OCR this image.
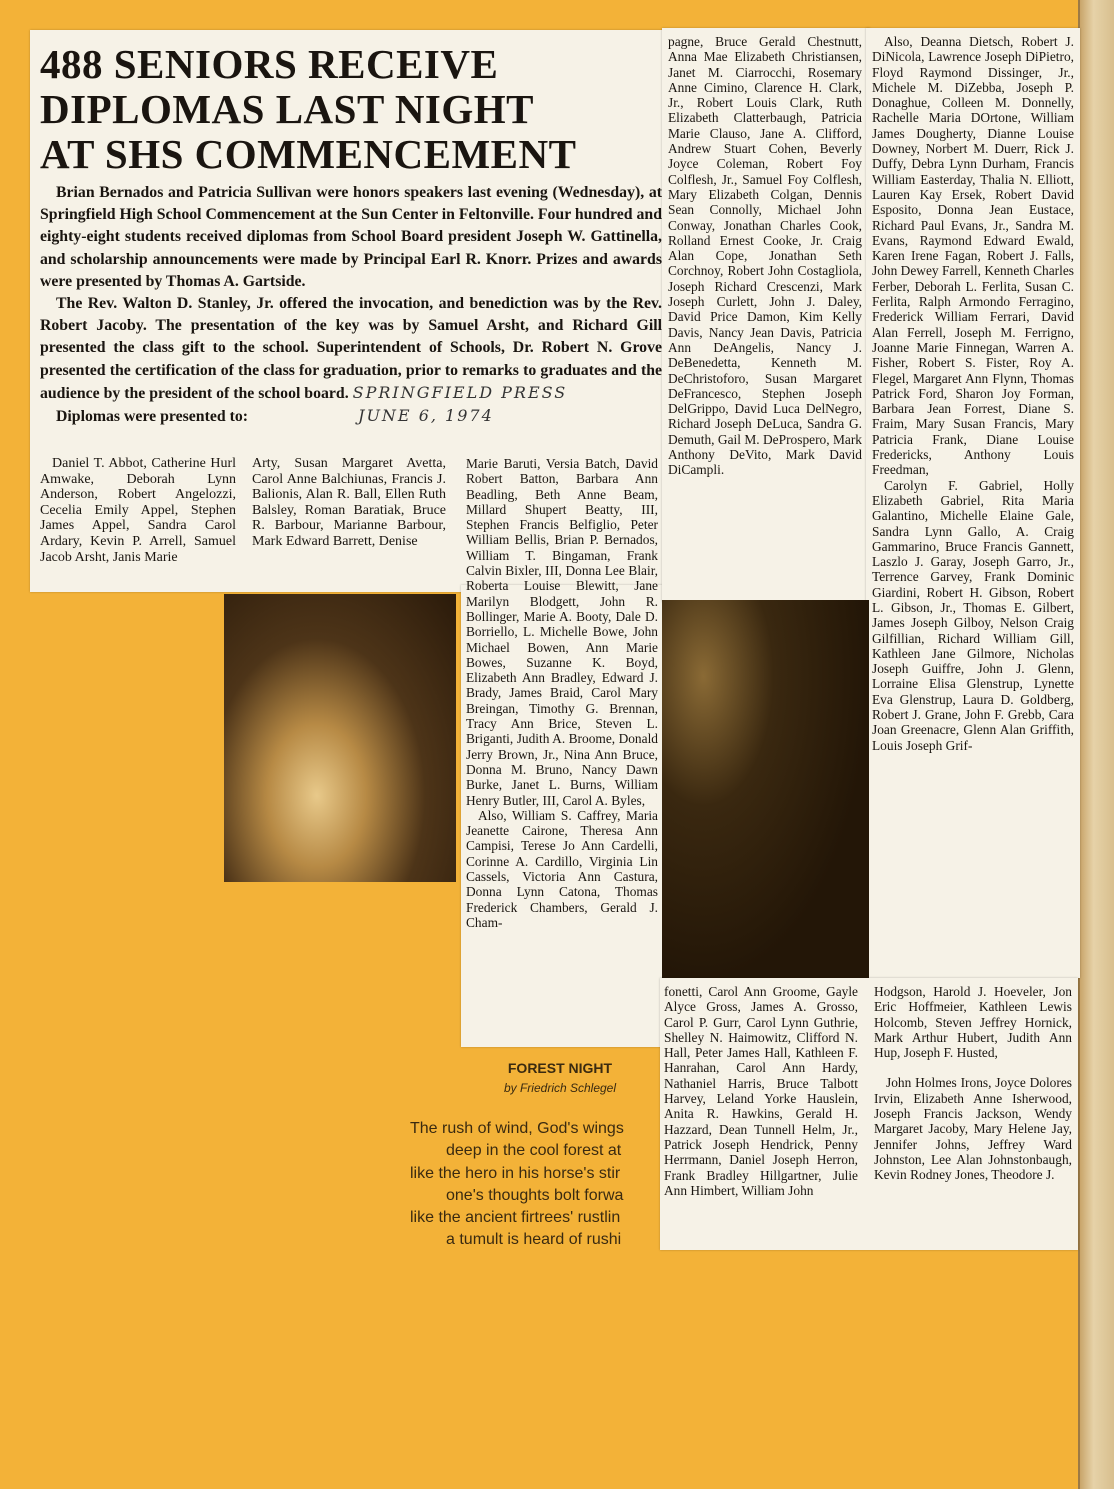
488 SENIORS RECEIVE
DIPLOMAS LAST NIGHT
AT SHS COMMENCEMENT

Brian Bernados and Patricia Sullivan were honors speakers last evening (Wednesday), at Springfield High School Commencement at the Sun Center in Feltonville. Four hundred and eighty-eight students received diplomas from School Board president Joseph W. Gattinella, and scholarship announcements were made by Principal Earl R. Knorr. Prizes and awards were presented by Thomas A. Gartside.

The Rev. Walton D. Stanley, Jr. offered the invocation, and benediction was by the Rev. Robert Jacoby. The presentation of the key was by Samuel Arsht, and Richard Gill presented the class gift to the school. Superintendent of Schools, Dr. Robert N. Grove presented the certification of the class for graduation, prior to remarks to graduates and the audience by the president of the school board. SPRINGFIELD PRESS

Diplomas were presented to:	JUNE 6, 1974

Daniel T. Abbot, Catherine Hurl Amwake, Deborah Lynn Anderson, Robert Angelozzi, Cecelia Emily Appel, Stephen James Appel, Sandra Carol Ardary, Kevin P. Arrell, Samuel Jacob Arsht, Janis Marie

Arty, Susan Margaret Avetta, Carol Anne Balchiunas, Francis J. Balionis, Alan R. Ball, Ellen Ruth Balsley, Roman Baratiak, Bruce R. Barbour, Marianne Barbour, Mark Edward Barrett, Denise

Marie Baruti, Versia Batch, David Robert Batton, Barbara Ann Beadling, Beth Anne Beam, Millard Shupert Beatty, III, Stephen Francis Belfiglio, Peter William Bellis, Brian P. Bernados, William T. Bingaman, Frank Calvin Bixler, III, Donna Lee Blair, Roberta Louise Blewitt, Jane Marilyn Blodgett, John R. Bollinger, Marie A. Booty, Dale D. Borriello, L. Michelle Bowe, John Michael Bowen, Ann Marie Bowes, Suzanne K. Boyd, Elizabeth Ann Bradley, Edward J. Brady, James Braid, Carol Mary Breingan, Timothy G. Brennan, Tracy Ann Brice, Steven L. Briganti, Judith A. Broome, Donald Jerry Brown, Jr., Nina Ann Bruce, Donna M. Bruno, Nancy Dawn Burke, Janet L. Burns, William Henry Butler, III, Carol A. Byles,

Also, William S. Caffrey, Maria Jeanette Cairone, Theresa Ann Campisi, Terese Jo Ann Cardelli, Corinne A. Cardillo, Virginia Lin Cassels, Victoria Ann Castura, Donna Lynn Catona, Thomas Frederick Chambers, Gerald J. Cham-

pagne, Bruce Gerald Chestnutt, Anna Mae Elizabeth Christiansen, Janet M. Ciarrocchi, Rosemary Anne Cimino, Clarence H. Clark, Jr., Robert Louis Clark, Ruth Elizabeth Clatterbaugh, Patricia Marie Clauso, Jane A. Clifford, Andrew Stuart Cohen, Beverly Joyce Coleman, Robert Foy Colflesh, Jr., Samuel Foy Colflesh, Mary Elizabeth Colgan, Dennis Sean Connolly, Michael John Conway, Jonathan Charles Cook, Rolland Ernest Cooke, Jr. Craig Alan Cope, Jonathan Seth Corchnoy, Robert John Costagliola, Joseph Richard Crescenzi, Mark Joseph Curlett, John J. Daley, David Price Damon, Kim Kelly Davis, Nancy Jean Davis, Patricia Ann DeAngelis, Nancy J. DeBenedetta, Kenneth M. DeChristoforo, Susan Margaret DeFrancesco, Stephen Joseph DelGrippo, David Luca DelNegro, Richard Joseph DeLuca, Sandra G. Demuth, Gail M. DeProspero, Mark Anthony DeVito, Mark David DiCampli.

Also, Deanna Dietsch, Robert J. DiNicola, Lawrence Joseph DiPietro, Floyd Raymond Dissinger, Jr., Michele M. DiZebba, Joseph P. Donaghue, Colleen M. Donnelly, Rachelle Maria DOrtone, William James Dougherty, Dianne Louise Downey, Norbert M. Duerr, Rick J. Duffy, Debra Lynn Durham, Francis William Easterday, Thalia N. Elliott, Lauren Kay Ersek, Robert David Esposito, Donna Jean Eustace, Richard Paul Evans, Jr., Sandra M. Evans, Raymond Edward Ewald, Karen Irene Fagan, Robert J. Falls, John Dewey Farrell, Kenneth Charles Ferber, Deborah L. Ferlita, Susan C. Ferlita, Ralph Armondo Ferragino, Frederick William Ferrari, David Alan Ferrell, Joseph M. Ferrigno, Joanne Marie Finnegan, Warren A. Fisher, Robert S. Fister, Roy A. Flegel, Margaret Ann Flynn, Thomas Patrick Ford, Sharon Joy Forman, Barbara Jean Forrest, Diane S. Fraim, Mary Susan Francis, Mary Patricia Frank, Diane Louise Fredericks, Anthony Louis Freedman,

Carolyn F. Gabriel, Holly Elizabeth Gabriel, Rita Maria Galantino, Michelle Elaine Gale, Sandra Lynn Gallo, A. Craig Gammarino, Bruce Francis Gannett, Laszlo J. Garay, Joseph Garro, Jr., Terrence Garvey, Frank Dominic Giardini, Robert H. Gibson, Robert L. Gibson, Jr., Thomas E. Gilbert, James Joseph Gilboy, Nelson Craig Gilfillian, Richard William Gill, Kathleen Jane Gilmore, Nicholas Joseph Guiffre, John J. Glenn, Lorraine Elisa Glenstrup, Lynette Eva Glenstrup, Laura D. Goldberg, Robert J. Grane, John F. Grebb, Cara Joan Greenacre, Glenn Alan Griffith, Louis Joseph Grif-

fonetti, Carol Ann Groome, Gayle Alyce Gross, James A. Grosso, Carol P. Gurr, Carol Lynn Guthrie, Shelley N. Haimowitz, Clifford N. Hall, Peter James Hall, Kathleen F. Hanrahan, Carol Ann Hardy, Nathaniel Harris, Bruce Talbott Harvey, Leland Yorke Hauslein, Anita R. Hawkins, Gerald H. Hazzard, Dean Tunnell Helm, Jr., Patrick Joseph Hendrick, Penny Herrmann, Daniel Joseph Herron, Frank Bradley Hillgartner, Julie Ann Himbert, William John

Hodgson, Harold J. Hoeveler, Jon Eric Hoffmeier, Kathleen Lewis Holcomb, Steven Jeffrey Hornick, Mark Arthur Hubert, Judith Ann Hup, Joseph F. Husted,

John Holmes Irons, Joyce Dolores Irvin, Elizabeth Anne Isherwood, Joseph Francis Jackson, Wendy Margaret Jacoby, Mary Helene Jay, Jennifer Johns, Jeffrey Ward Johnston, Lee Alan Johnstonbaugh, Kevin Rodney Jones, Theodore J.

FOREST NIGHT
by Friedrich Schlegel
The rush of wind, God's wings
deep in the cool forest at
like the hero in his horse's stir
one's thoughts bolt forwa
like the ancient firtrees' rustlin
a tumult is heard of rushi
